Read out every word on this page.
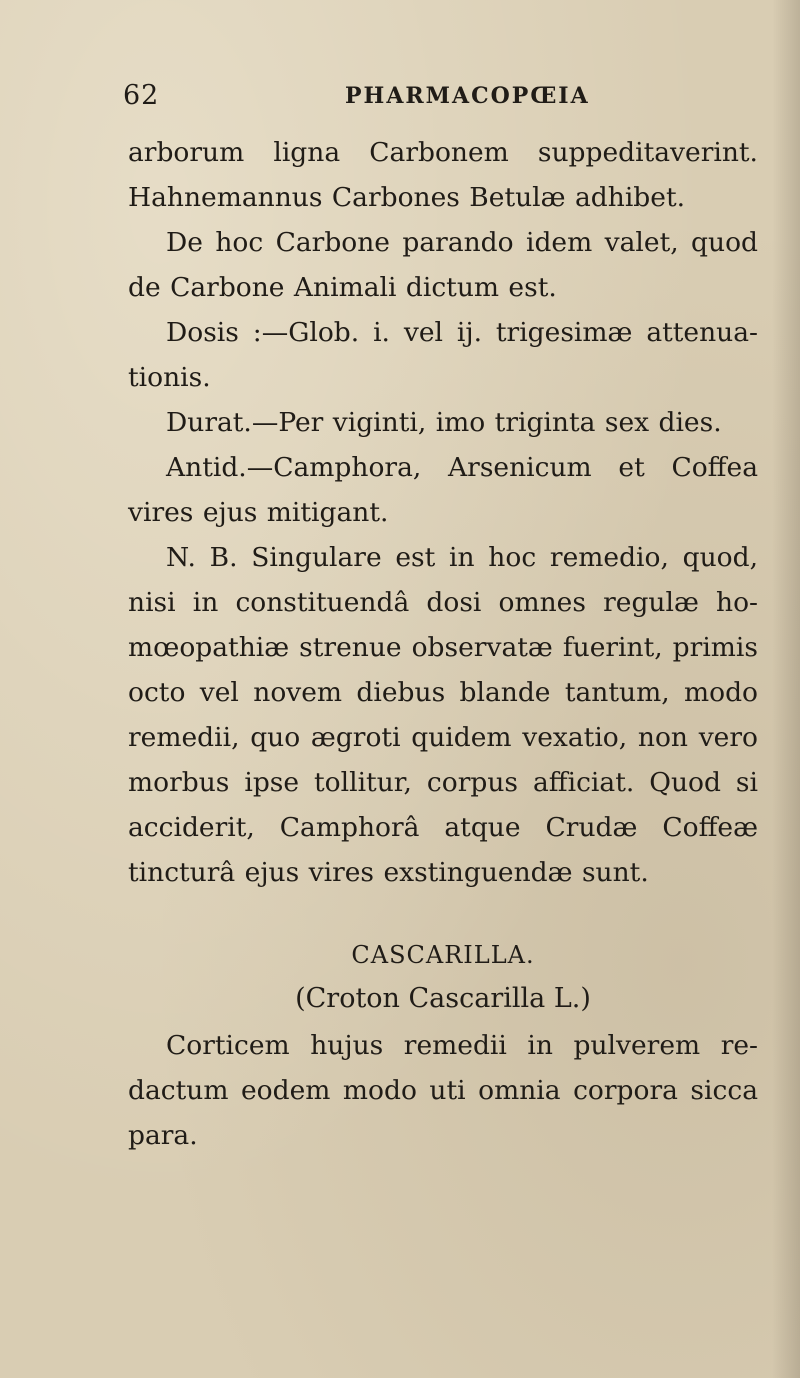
62	PHARMACOPŒIA

arborum ligna Carbonem suppeditaverint. Hahnemannus Carbones Betulæ adhibet.

De hoc Carbone parando idem valet, quod de Carbone Animali dictum est.

Dosis :—Glob. i. vel ij. trigesimæ attenua- tionis.

Durat.—Per viginti, imo triginta sex dies.

Antid.—Camphora, Arsenicum et Coffea vires ejus mitigant.

N. B. Singulare est in hoc remedio, quod, nisi in constituendâ dosi omnes regulæ ho- mœopathiæ strenue observatæ fuerint, primis octo vel novem diebus blande tantum, modo remedii, quo ægroti quidem vexatio, non vero morbus ipse tollitur, corpus afficiat. Quod si acciderit, Camphorâ atque Crudæ Coffeæ tincturâ ejus vires exstinguendæ sunt.

CASCARILLA.
(Croton Cascarilla L.)

Corticem hujus remedii in pulverem re- dactum eodem modo uti omnia corpora sicca para.
